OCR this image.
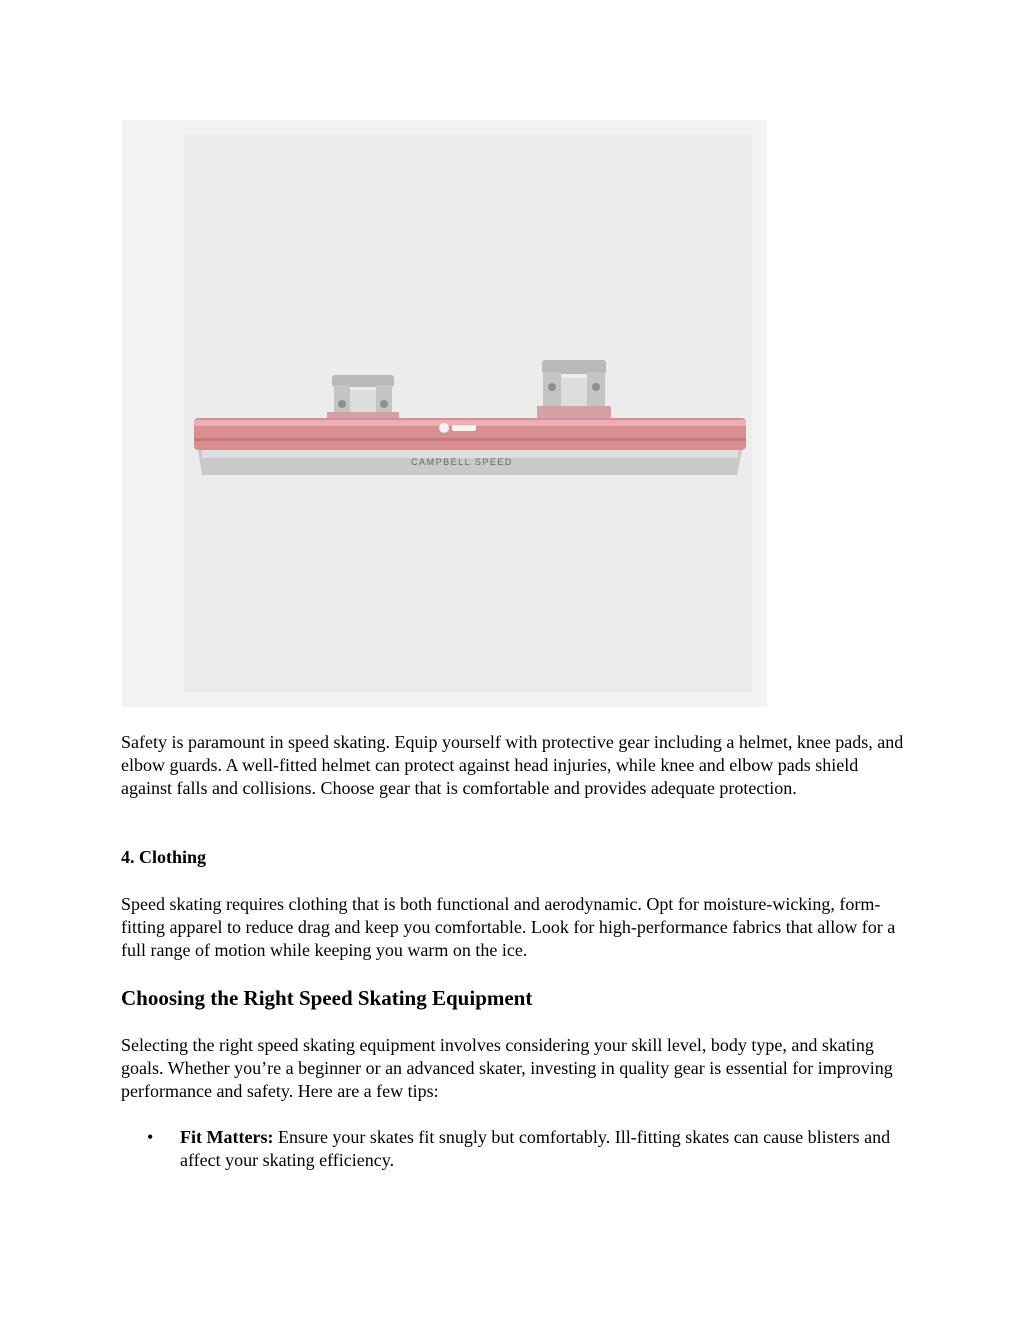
CAMPBELL SPEED

Safety is paramount in speed skating. Equip yourself with protective gear including a helmet, knee pads, and elbow guards. A well-fitted helmet can protect against head injuries, while knee and elbow pads shield against falls and collisions. Choose gear that is comfortable and provides adequate protection.

4. Clothing

Speed skating requires clothing that is both functional and aerodynamic. Opt for moisture-wicking, form-fitting apparel to reduce drag and keep you comfortable. Look for high-performance fabrics that allow for a full range of motion while keeping you warm on the ice.

Choosing the Right Speed Skating Equipment

Selecting the right speed skating equipment involves considering your skill level, body type, and skating goals. Whether you’re a beginner or an advanced skater, investing in quality gear is essential for improving performance and safety. Here are a few tips:

• Fit Matters: Ensure your skates fit snugly but comfortably. Ill-fitting skates can cause blisters and affect your skating efficiency.
